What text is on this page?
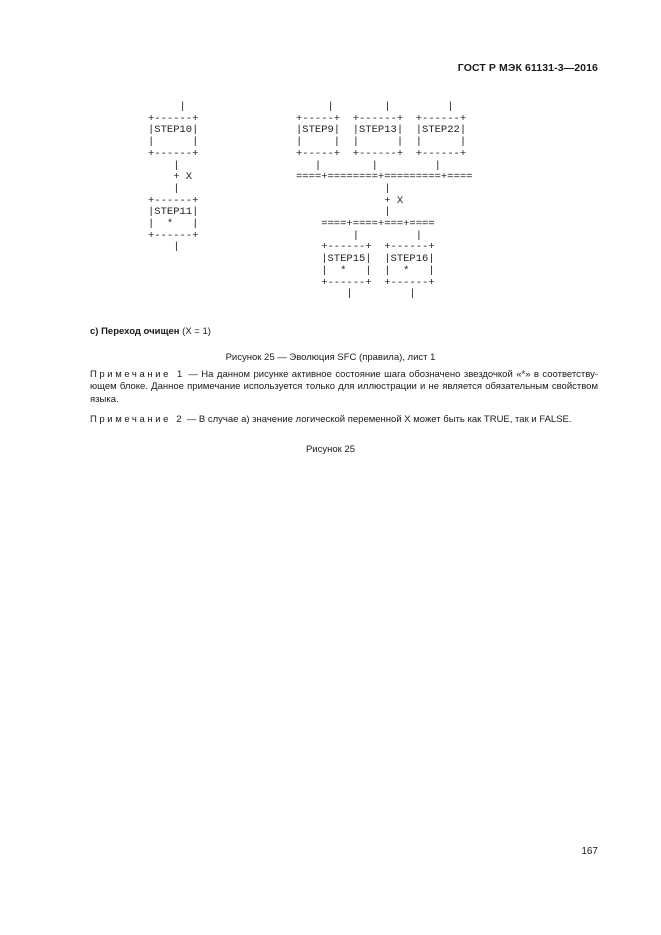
ГОСТ Р МЭК 61131-3—2016
|
+------+
|STEP10|
|      |
+------+
|
+ X
|
+------+
|STEP11|
|  *   |
+------+
|
|        |         |
+-----+  +------+  +------+
|STEP9|  |STEP13|  |STEP22|
|     |  |      |  |      |
+-----+  +------+  +------+
|        |         |
====+========+=========+====
|
+ X
|
====+====+===+====
|         |
+------+  +------+
|STEP15|  |STEP16|
|  *   |  |  *   |
+------+  +------+
|         |
c) Переход очищен (X = 1)
Рисунок 25 — Эволюция SFC (правила), лист 1
Примечание 1 — На данном рисунке активное состояние шага обозначено звездочкой «*» в соответству-ющем блоке. Данное примечание используется только для иллюстрации и не является обязательным свойством языка.
Примечание 2 — В случае а) значение логической переменной X может быть как TRUE, так и FALSE.
Рисунок 25
167
